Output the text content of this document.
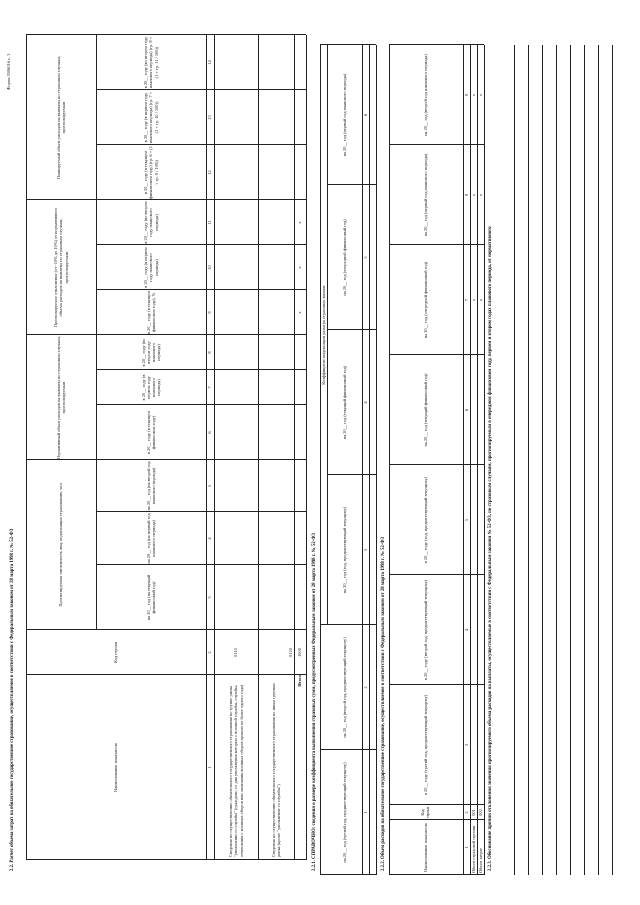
Форма 0506016 с. 3
2.2. Расчет объема затрат на обязательное государственное страхование, осуществляемое в соответствии с Федеральным законом от 28 марта 1998 г. № 52-ФЗ	Наименование показателя
Код строки
Прогнозируемая численность лиц, подлежащих страхованию, чел
Нормативный объем расходов на выплаты по страховым случаям, прогнозируемым
Прогнозируемое отклонение (от -10% до 10%) от нормативного объема расходов на выплаты по страховым случаям, прогнозируемым
Планируемый объем расходов на выплаты по страховым случаям, прогнозируемым
на 20__ год (на текущий финансовый год)
на 20__ год (на первый год планового периода)
на 20__ год (на второй год планового периода)
в 20__ году (в текущем финансовом году)
в 20__ году (в первом году планового периода)
в 20__ году (во втором году планового периода)
в 20__ году (в текущем финансовом году), %
в 20__ году (в первом году планового периода)
в 20__ году (во втором году планового периода)
в 20__ году (в текущем финансовом году) (гр. 6 × (1 + гр. 9 / 100))
в 20__ году (в первом году планового периода) (гр. 7 × (1 + гр. 10 / 100))
в 20__ году (во втором году планового периода) (гр. 8 × (1 + гр. 11 / 100))
1
2
3
4
5
6
7
8
9
10
11
12
13
14
Сведения по осуществлению обязательного государственного страхования по группе риска "увольнение со службы" (граждане, со дня увольнения которых с военной службы, службы, отчисления с военных сборов или окончания военных сборов прошло не более одного года)
0110
Сведения по осуществлению обязательного государственного страхования по иным группам риска (кроме "увольнение со службы")
0120
Итого
1000
x
x
x
2.2.1. СПРАВОЧНО: сведения о размере коэффициента выполнения страховых сумм, предусмотренных Федеральным законом от 28 марта 1998 г. № 52-ФЗ
Коэффициент индексации размера страховых выплат
на 20__ год (третий год, предшествующий текущему)
на 20__ год (второй год, предшествующий текущему)
на 20__ год (год, предшествующий текущему)
на 20__ год (текущий финансовый год)
на 20__ год (очередной финансовый год)
на 20__ год (первый год планового периода)
1
2
3
4
5
6
2.2.2. Объем расходов на обязательное государственное страхование, осуществляемое в соответствии с Федеральным законом от 28 марта 1998 г. № 52-ФЗ	Наименование показателя
Код строки
в 20__ году (третий год, предшествующий текущему)
в 20__ году (второй год, предшествующий текущему)
в 20__ году (год, предшествующий текущему)
на 20__ год (текущий финансовый год)
на 20__ год (очередной финансовый год)
на 20__ год (первый год планового периода)
на 20__ год (второй год планового периода)
1
2
3
4
5
6
7
8
9
Объем страховой премии
001
x
x
x
Объем затрат
002
x
x
x
2.2.3. Обоснование причин отклонения значения прогнозируемого объема расходов на выплаты, осуществляемые в соответствии с Федеральным законом № 52-ФЗ, по страховым случаям, прогнозируемым в очередном финансовом году, первом и втором годах планового периода, от нормативного
